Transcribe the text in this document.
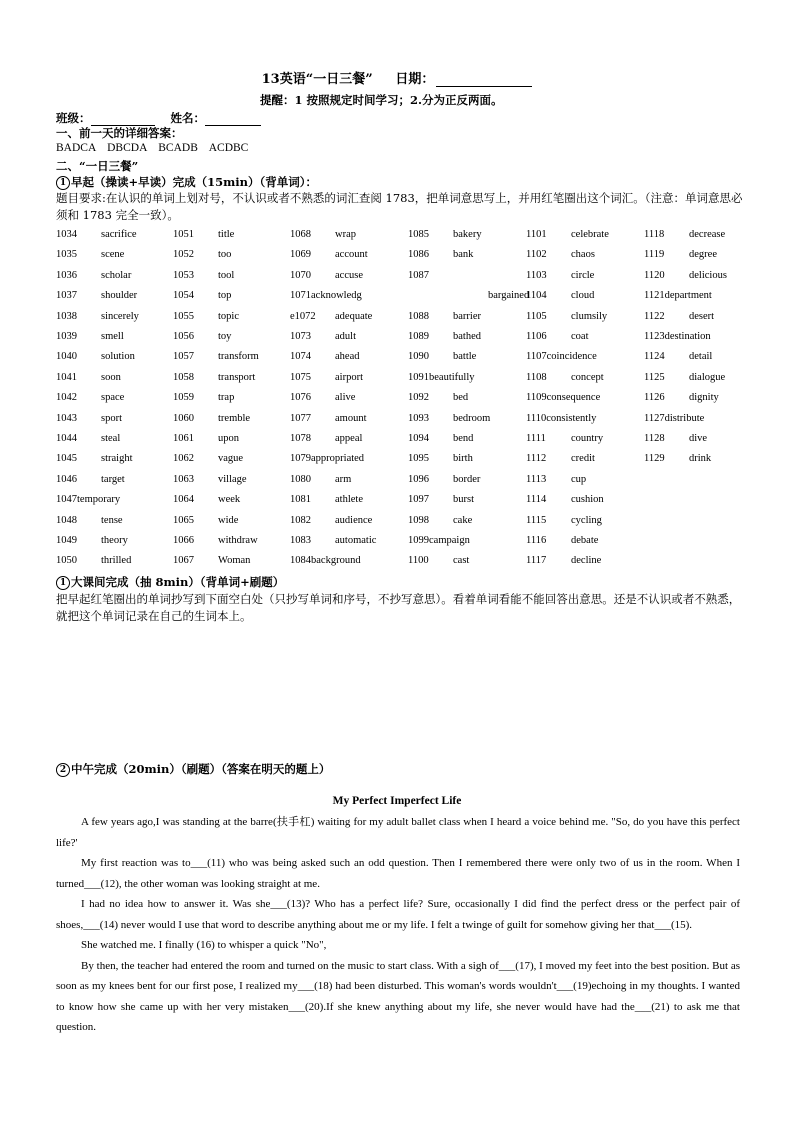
13英语“一日三餐” 日期：
提醒：1 按照规定时间学习；2.分为正反两面。
班级：	姓名：
一、前一天的详细答案：
BADCA    DBCDA    BCADB    ACDBC
二、“一日三餐”
1 早起（操读+早读）完成（15min）（背单词）：
题目要求:在认识的单词上划对号，不认识或者不熟悉的词汇查阅 1783，把单词意思写上，并用红笔圈出这个词汇。（注意：单词意思必须和 1783 完全一致）。
1034 sacrifice
1035 scene
1036 scholar
1037 shoulder
1038 sincerely
1039 smell
1040 solution
1041 soon
1042 space
1043 sport
1044 steal
1045 straight
1046 target
1047temporary
1048 tense
1049 theory
1050 thrilled
1051 title
1052 too
1053 tool
1054 top
1055 topic
1056 toy
1057 transform
1058 transport
1059 trap
1060 tremble
1061 upon
1062 vague
1063 village
1064 week
1065 wide
1066 withdraw
1067 Woman
1068 wrap
1069 account
1070 accuse
1071acknowledg
e1072 adequate
1073 adult
1074 ahead
1075 airport
1076 alive
1077 amount
1078 appeal
1079appropriated
1080 arm
1081 athlete
1082 audience
1083 automatic
1084background
1085 bakery
1086 bank
1087
bargained
1088 barrier
1089 bathed
1090 battle
1091beautifully
1092 bed
1093 bedroom
1094 bend
1095 birth
1096 border
1097 burst
1098 cake
1099campaign
1100 cast
1101 celebrate
1102 chaos
1103 circle
1104 cloud
1105 clumsily
1106 coat
1107coincidence
1108 concept
1109consequence
1110consistently
1111 country
1112 credit
1113 cup
1114 cushion
1115 cycling
1116 debate
1117 decline
1118 decrease
1119 degree
1120 delicious
1121department
1122 desert
1123destination
1124 detail
1125 dialogue
1126 dignity
1127distribute
1128 dive
1129 drink
1 大课间完成（抽 8min）（背单词+刷题）
把早起红笔圈出的单词抄写到下面空白处（只抄写单词和序号，不抄写意思）。看着单词看能不能回答出意思。还是不认识或者不熟悉，就把这个单词记录在自己的生词本上。
2 中午完成（20min）（刷题）（答案在明天的题上）
My Perfect Imperfect Life

A few years ago,I was standing at the barre(扶手杠) waiting for my adult ballet class when I heard a voice behind me. "So, do you have this perfect life?'

My first reaction was to___(11) who was being asked such an odd question. Then I remembered there were only two of us in the room. When I turned___(12), the other woman was looking straight at me.

I had no idea how to answer it. Was she___(13)? Who has a perfect life? Sure, occasionally I did find the perfect dress or the perfect pair of shoes,___(14) never would I use that word to describe anything about me or my life. I felt a twinge of guilt for somehow giving her that___(15).

She watched me. I finally (16) to whisper a quick "No",

By then, the teacher had entered the room and turned on the music to start class. With a sigh of___(17), I moved my feet into the best position. But as soon as my knees bent for our first pose, I realized my___(18) had been disturbed. This woman's words wouldn't___(19)echoing in my thoughts. I wanted to know how she came up with her very mistaken___(20).If she knew anything about my life, she never would have had the___(21) to ask me that question.
